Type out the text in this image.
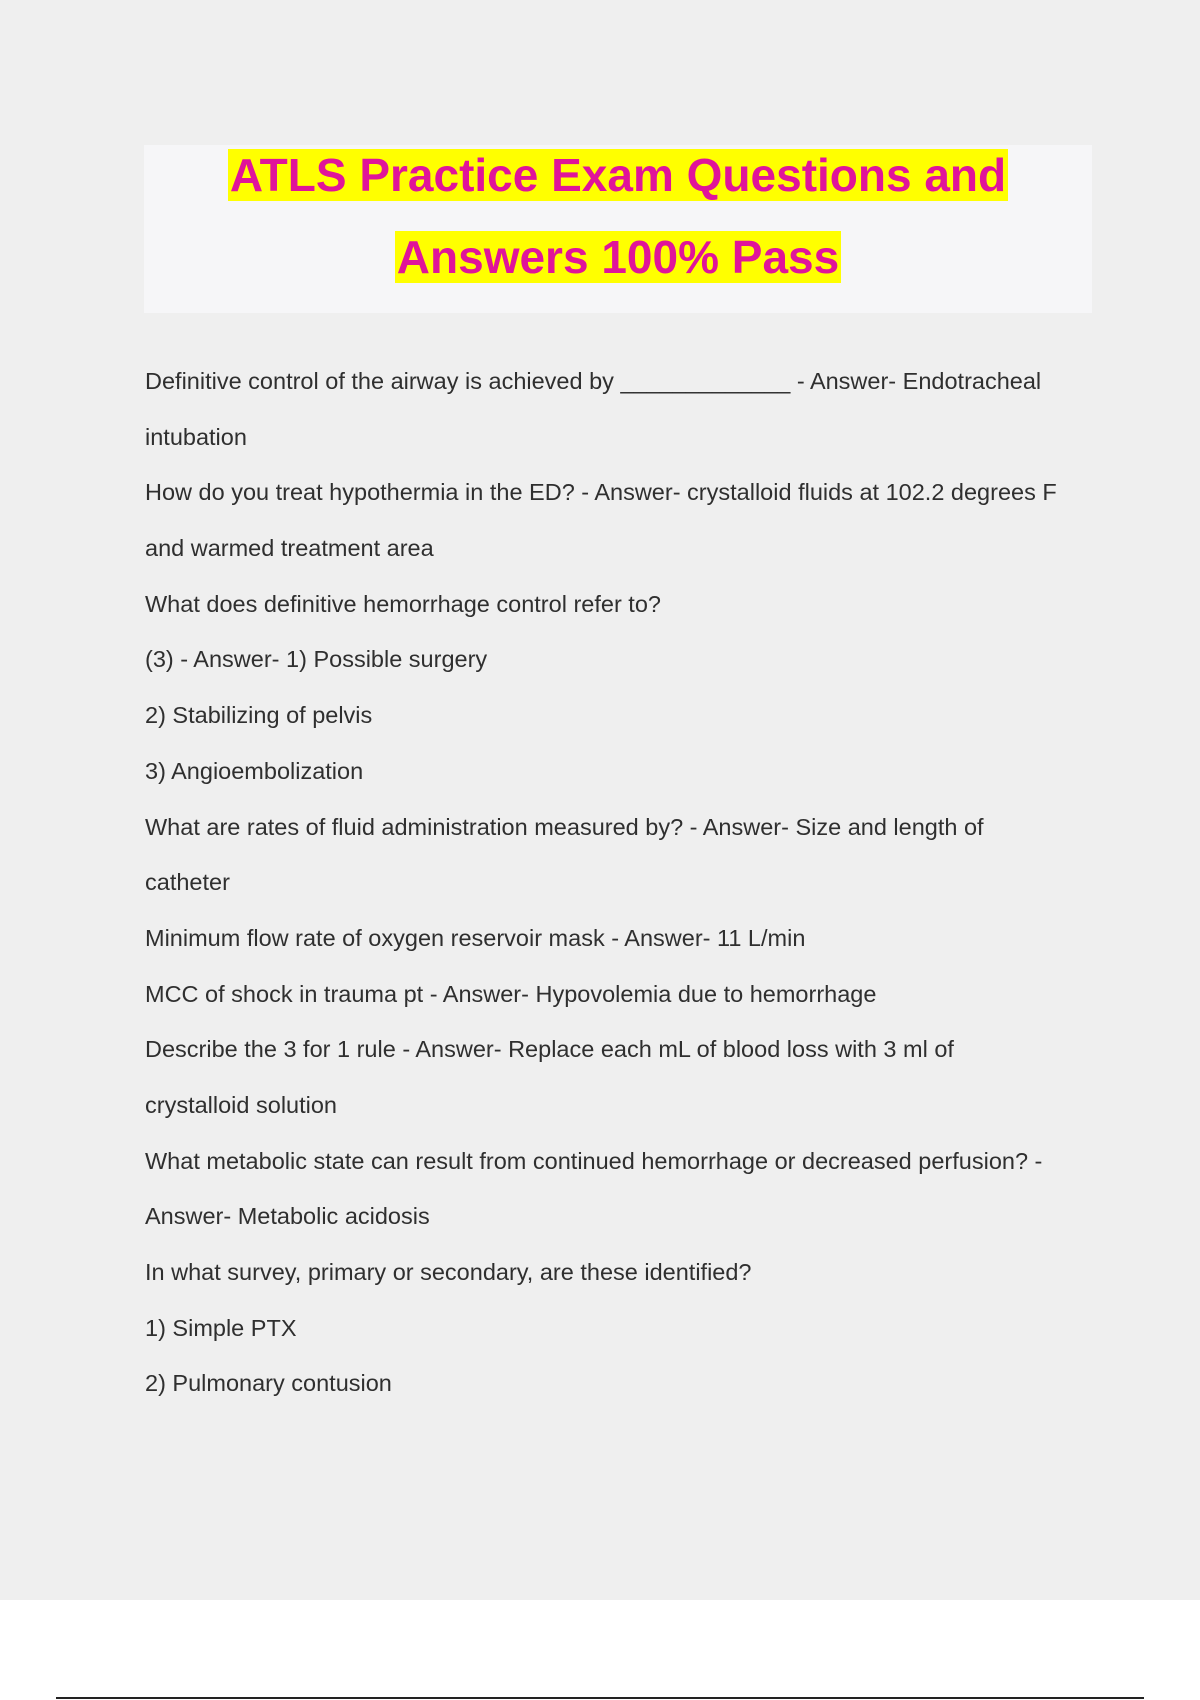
ATLS Practice Exam Questions and
Answers 100% Pass
Definitive control of the airway is achieved by _____________ - Answer- Endotracheal
intubation
How do you treat hypothermia in the ED? - Answer- crystalloid fluids at 102.2 degrees F
and warmed treatment area
What does definitive hemorrhage control refer to?
(3) - Answer- 1) Possible surgery
2) Stabilizing of pelvis
3) Angioembolization
What are rates of fluid administration measured by? - Answer- Size and length of
catheter
Minimum flow rate of oxygen reservoir mask - Answer- 11 L/min
MCC of shock in trauma pt - Answer- Hypovolemia due to hemorrhage
Describe the 3 for 1 rule - Answer- Replace each mL of blood loss with 3 ml of
crystalloid solution
What metabolic state can result from continued hemorrhage or decreased perfusion? -
Answer- Metabolic acidosis
In what survey, primary or secondary, are these identified?
1) Simple PTX
2) Pulmonary contusion
